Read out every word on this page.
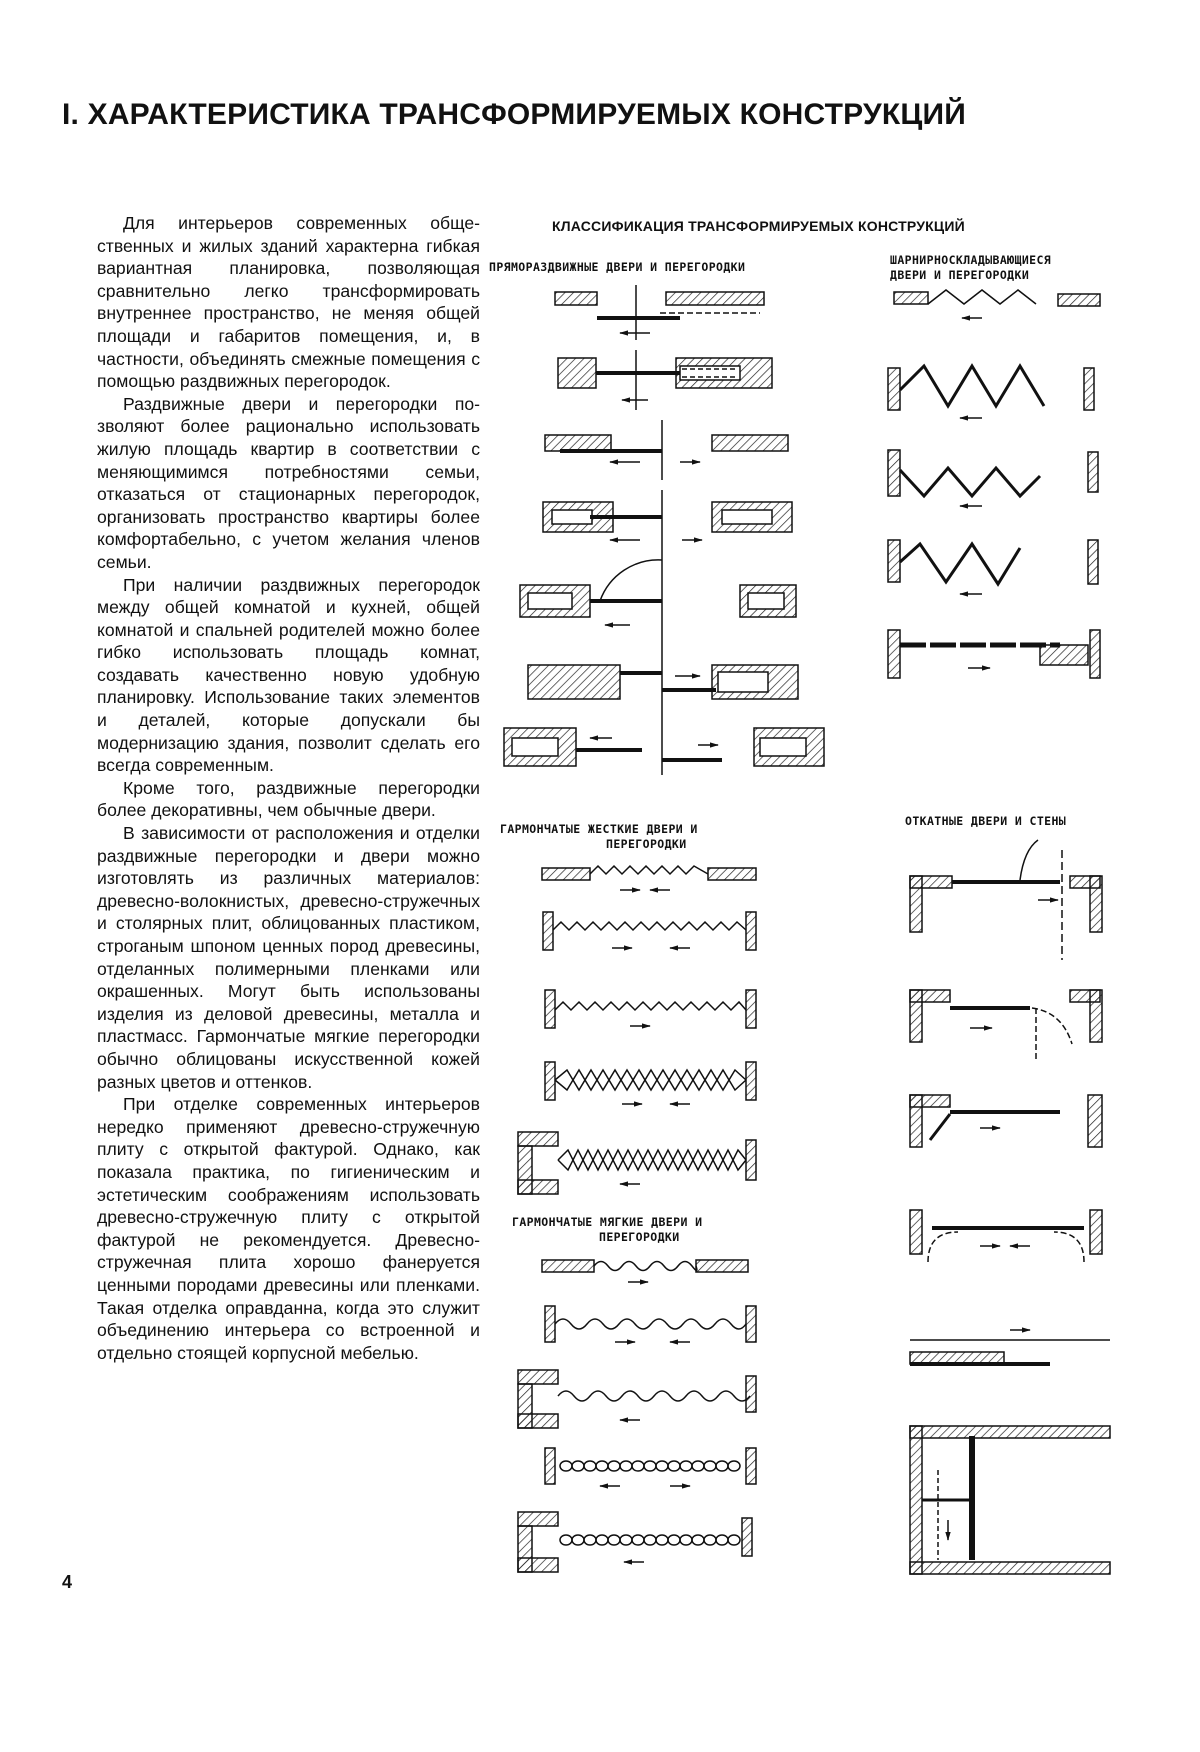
I. ХАРАКТЕРИСТИКА ТРАНСФОРМИРУЕМЫХ КОНСТРУКЦИЙ

Для интерьеров современных общественных и жилых зданий характерна гибкая вариантная планировка, позволяющая сравнительно легко трансформировать внутреннее пространство, не меняя общей площади и габаритов помещения, и, в частности, объединять смежные помещения с помощью раздвижных перегородок.

Раздвижные двери и перегородки позволяют более рационально использовать жилую площадь квартир в соответствии с меняющимимся потребностями семьи, отказаться от стационарных перегородок, организовать пространство квартиры более комфортабельно, с учетом желания членов семьи.

При наличии раздвижных перегородок между общей комнатой и кухней, общей комнатой и спальней родителей можно более гибко использовать площадь комнат, создавать качественно новую удобную планировку. Использование таких элементов и деталей, которые допускали бы модернизацию здания, позволит сделать его всегда современным.

Кроме того, раздвижные перегородки более декоративны, чем обычные двери.

В зависимости от расположения и отделки раздвижные перегородки и двери можно изготовлять из различных материалов: древесно-волокнистых, древесно-стружечных и столярных плит, облицованных пластиком, строганым шпоном ценных пород древесины, отделанных полимерными пленками или окрашенных. Могут быть использованы изделия из деловой древесины, металла и пластмасс. Гармончатые мягкие перегородки обычно облицованы искусственной кожей разных цветов и оттенков.

При отделке современных интерьеров нередко применяют древесно-стружечную плиту с открытой фактурой. Однако, как показала практика, по гигиеническим и эстетическим соображениям использовать древесно-стружечную плиту с открытой фактурой не рекомендуется. Древесно-стружечная плита хорошо фанеруется ценными породами древесины или пленками. Такая отделка оправданна, когда это служит объединению интерьера со встроенной и отдельно стоящей корпусной мебелью.

КЛАССИФИКАЦИЯ ТРАНСФОРМИРУЕМЫХ КОНСТРУКЦИЙ
ПРЯМОРАЗДВИЖНЫЕ ДВЕРИ И ПЕРЕГОРОДКИ	ШАРНИРНОСКЛАДЫВАЮЩИЕСЯ
ДВЕРИ И ПЕРЕГОРОДКИ
ГАРМОНЧАТЫЕ ЖЕСТКИЕ ДВЕРИ И
ПЕРЕГОРОДКИ
ОТКАТНЫЕ ДВЕРИ И СТЕНЫ
ГАРМОНЧАТЫЕ МЯГКИЕ ДВЕРИ И
ПЕРЕГОРОДКИ
4
